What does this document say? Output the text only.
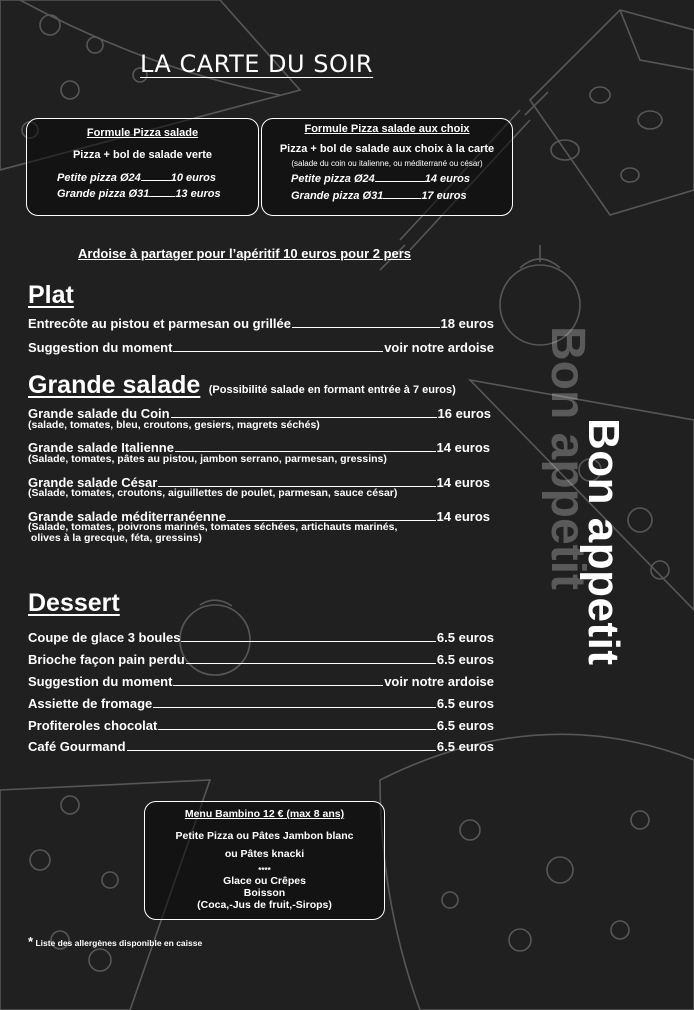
LA CARTE DU SOIR
Formule Pizza salade
Pizza + bol de salade verte
Petite pizza Ø24	10 euros
Grande pizza Ø31 13 euros
Formule Pizza salade aux choix
Pizza + bol de salade aux choix à la carte
(salade du coin ou italienne, ou méditerrané ou césar)
Petite pizza Ø24	14 euros
Grande pizza Ø31	17 euros
Ardoise à partager pour l’apéritif 10 euros pour 2 pers
Plat
Entrecôte au pistou et parmesan ou grillée	18 euros
Suggestion du moment	voir notre ardoise
Grande salade (Possibilité salade en formant entrée à 7 euros)
Grande salade du Coin	16 euros
(salade, tomates, bleu, croutons, gesiers, magrets séchés)
Grande salade Italienne	14 euros
(Salade, tomates, pâtes au pistou, jambon serrano, parmesan, gressins)
Grande salade César	14 euros
(Salade, tomates, croutons, aiguillettes de poulet, parmesan, sauce césar)
Grande salade méditerranéenne	14 euros
(Salade, tomates, poivrons marinés, tomates séchées, artichauts marinés,
olives à la grecque, féta, gressins)
Dessert
Coupe de glace 3 boules	6.5 euros
Brioche façon pain perdu	6.5 euros
Suggestion du moment	voir notre ardoise
Assiette de fromage	6.5 euros
Profiteroles chocolat	6.5 euros
Café Gourmand	6.5 euros
Bon appetit
Bon appetit
Menu Bambino 12 € (max 8 ans)
Petite Pizza ou Pâtes Jambon blanc
ou Pâtes knacki
****
Glace ou Crêpes
Boisson
(Coca,-Jus de fruit,-Sirops)
* Liste des allergènes disponible en caisse
